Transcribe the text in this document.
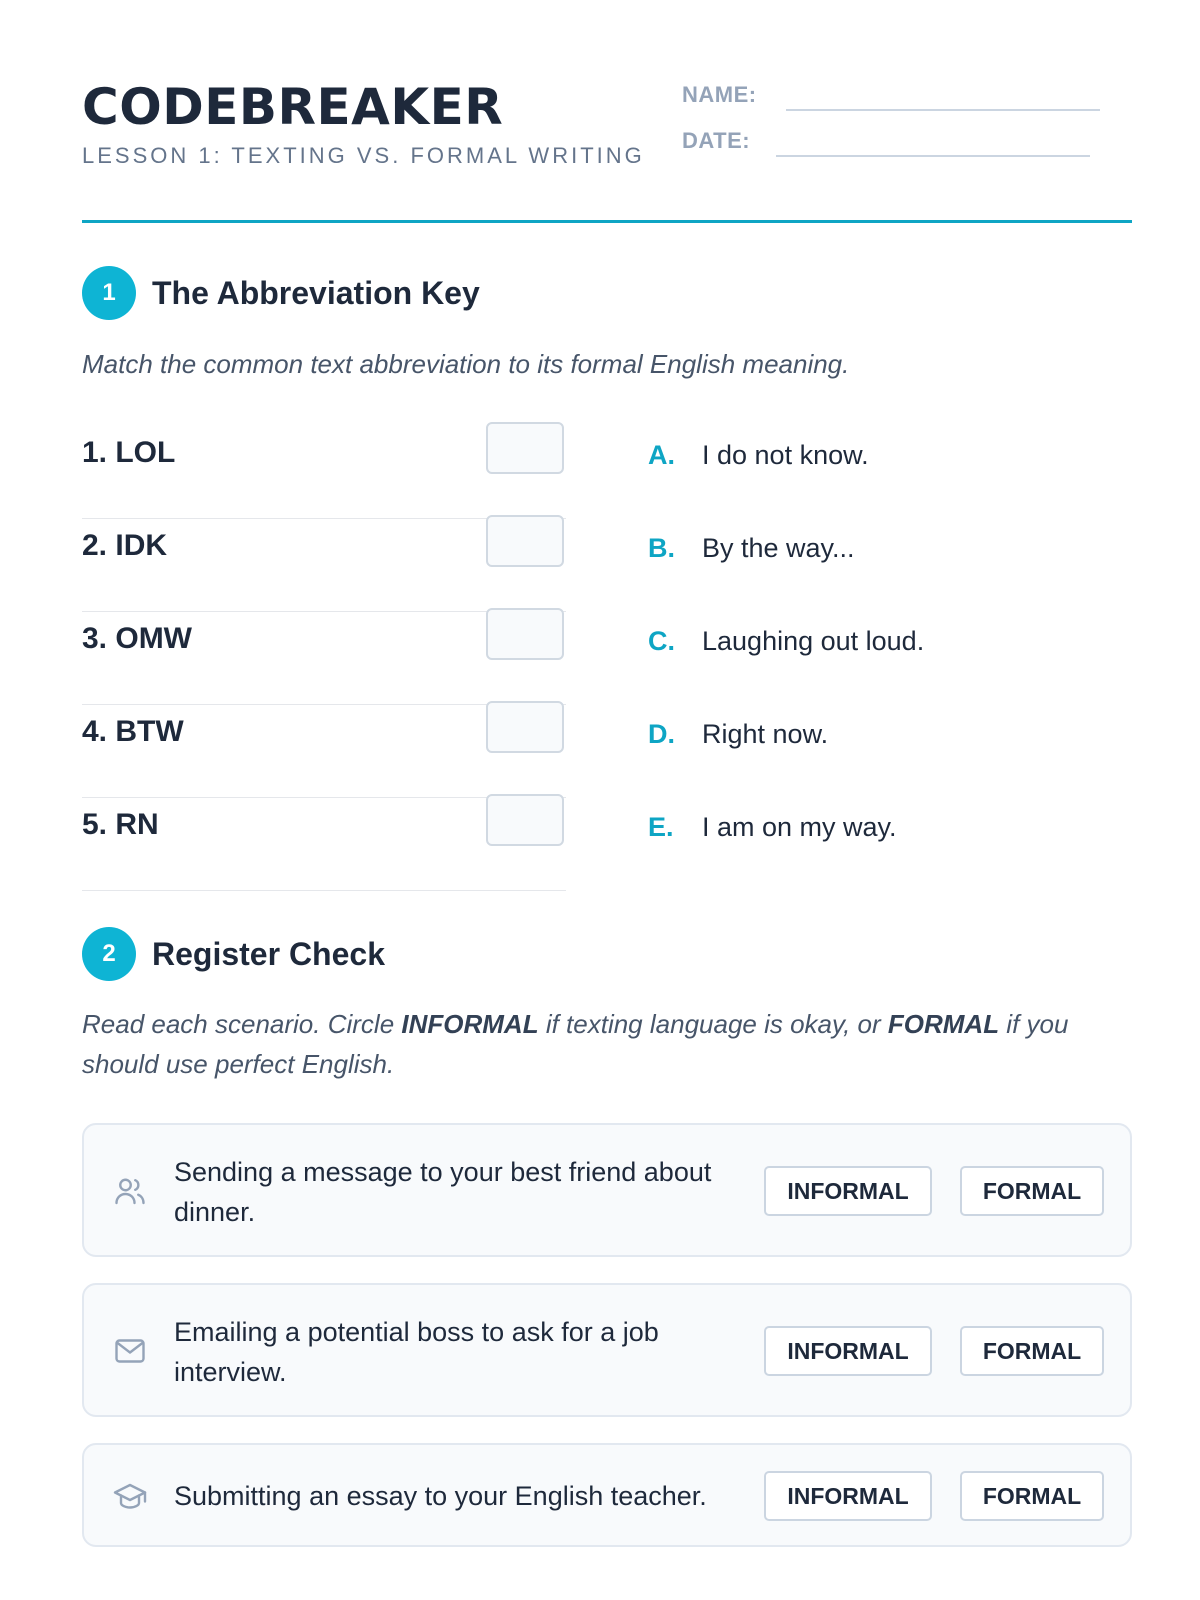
CODEBREAKER
LESSON 1: TEXTING VS. FORMAL WRITING
NAME:
DATE:
1	The Abbreviation Key
Match the common text abbreviation to its formal English meaning.
1. LOL
2. IDK
3. OMW
4. BTW
5. RN
A.	I do not know.
B.	By the way...
C.	Laughing out loud.
D.	Right now.
E.	I am on my way.
2	Register Check
Read each scenario. Circle INFORMAL if texting language is okay, or FORMAL if you should use perfect English.
Sending a message to your best friend about dinner.
INFORMAL	FORMAL
Emailing a potential boss to ask for a job interview.
INFORMAL	FORMAL
Submitting an essay to your English teacher.	INFORMAL	FORMAL
